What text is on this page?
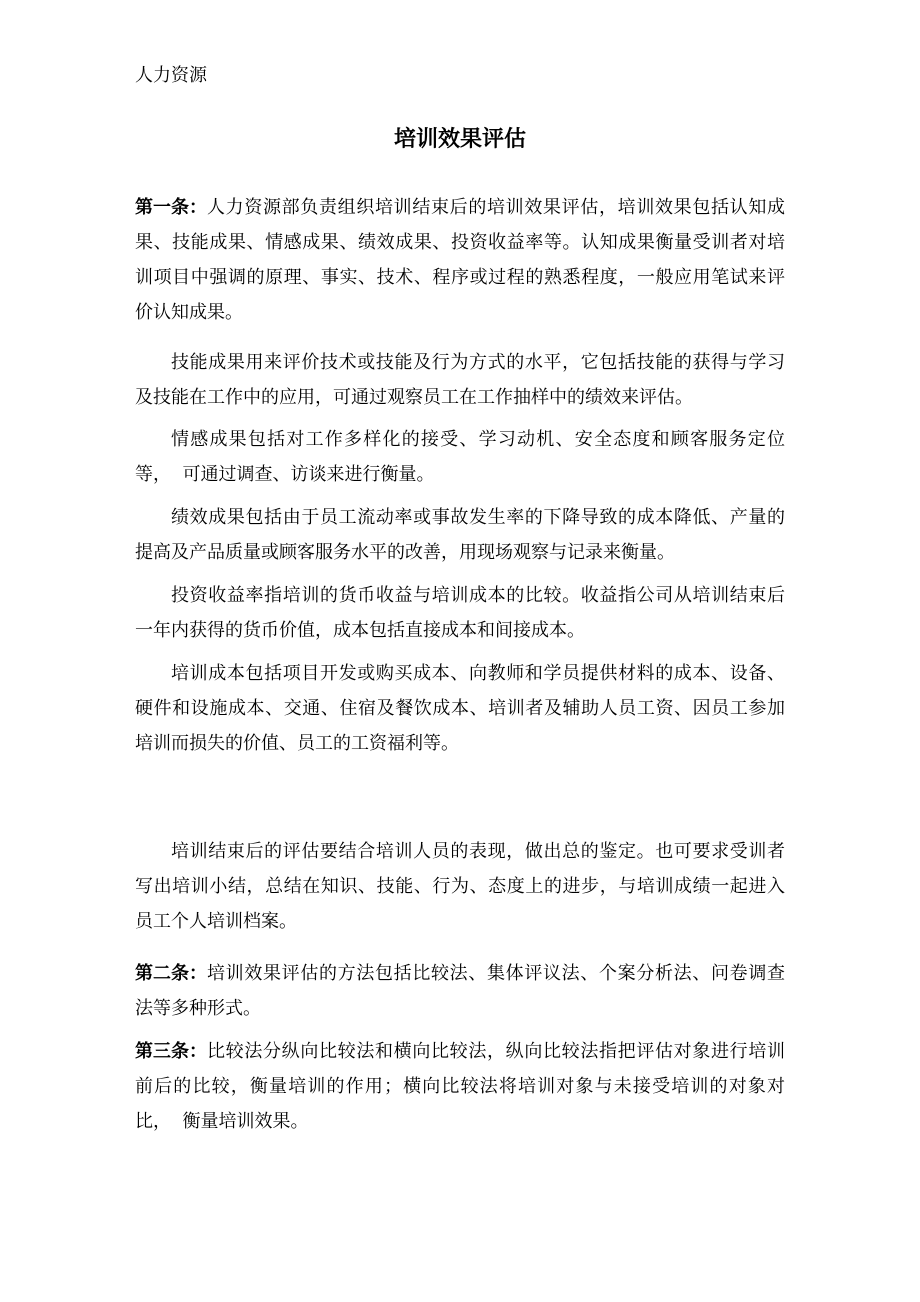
人力资源
培训效果评估
第一条： 人力资源部负责组织培训结束后的培训效果评估，培训效果包括认知成
果、技能成果、情感成果、绩效成果、投资收益率等。认知成果衡量受训者对培
训项目中强调的原理、事实、技术、程序或过程的熟悉程度，一般应用笔试来评
价认知成果。
技能成果用来评价技术或技能及行为方式的水平，它包括技能的获得与学习
及技能在工作中的应用，可通过观察员工在工作抽样中的绩效来评估。
情感成果包括对工作多样化的接受、学习动机、安全态度和顾客服务定位
等，  可通过调查、访谈来进行衡量。
绩效成果包括由于员工流动率或事故发生率的下降导致的成本降低、产量的
提高及产品质量或顾客服务水平的改善，用现场观察与记录来衡量。
投资收益率指培训的货币收益与培训成本的比较。收益指公司从培训结束后
一年内获得的货币价值，成本包括直接成本和间接成本。
培训成本包括项目开发或购买成本、向教师和学员提供材料的成本、设备、
硬件和设施成本、交通、住宿及餐饮成本、培训者及辅助人员工资、因员工参加
培训而损失的价值、员工的工资福利等。
培训结束后的评估要结合培训人员的表现，做出总的鉴定。也可要求受训者
写出培训小结，总结在知识、技能、行为、态度上的进步，与培训成绩一起进入
员工个人培训档案。
第二条： 培训效果评估的方法包括比较法、集体评议法、个案分析法、问卷调查
法等多种形式。
第三条： 比较法分纵向比较法和横向比较法，纵向比较法指把评估对象进行培训
前后的比较，衡量培训的作用；横向比较法将培训对象与未接受培训的对象对
比，  衡量培训效果。
